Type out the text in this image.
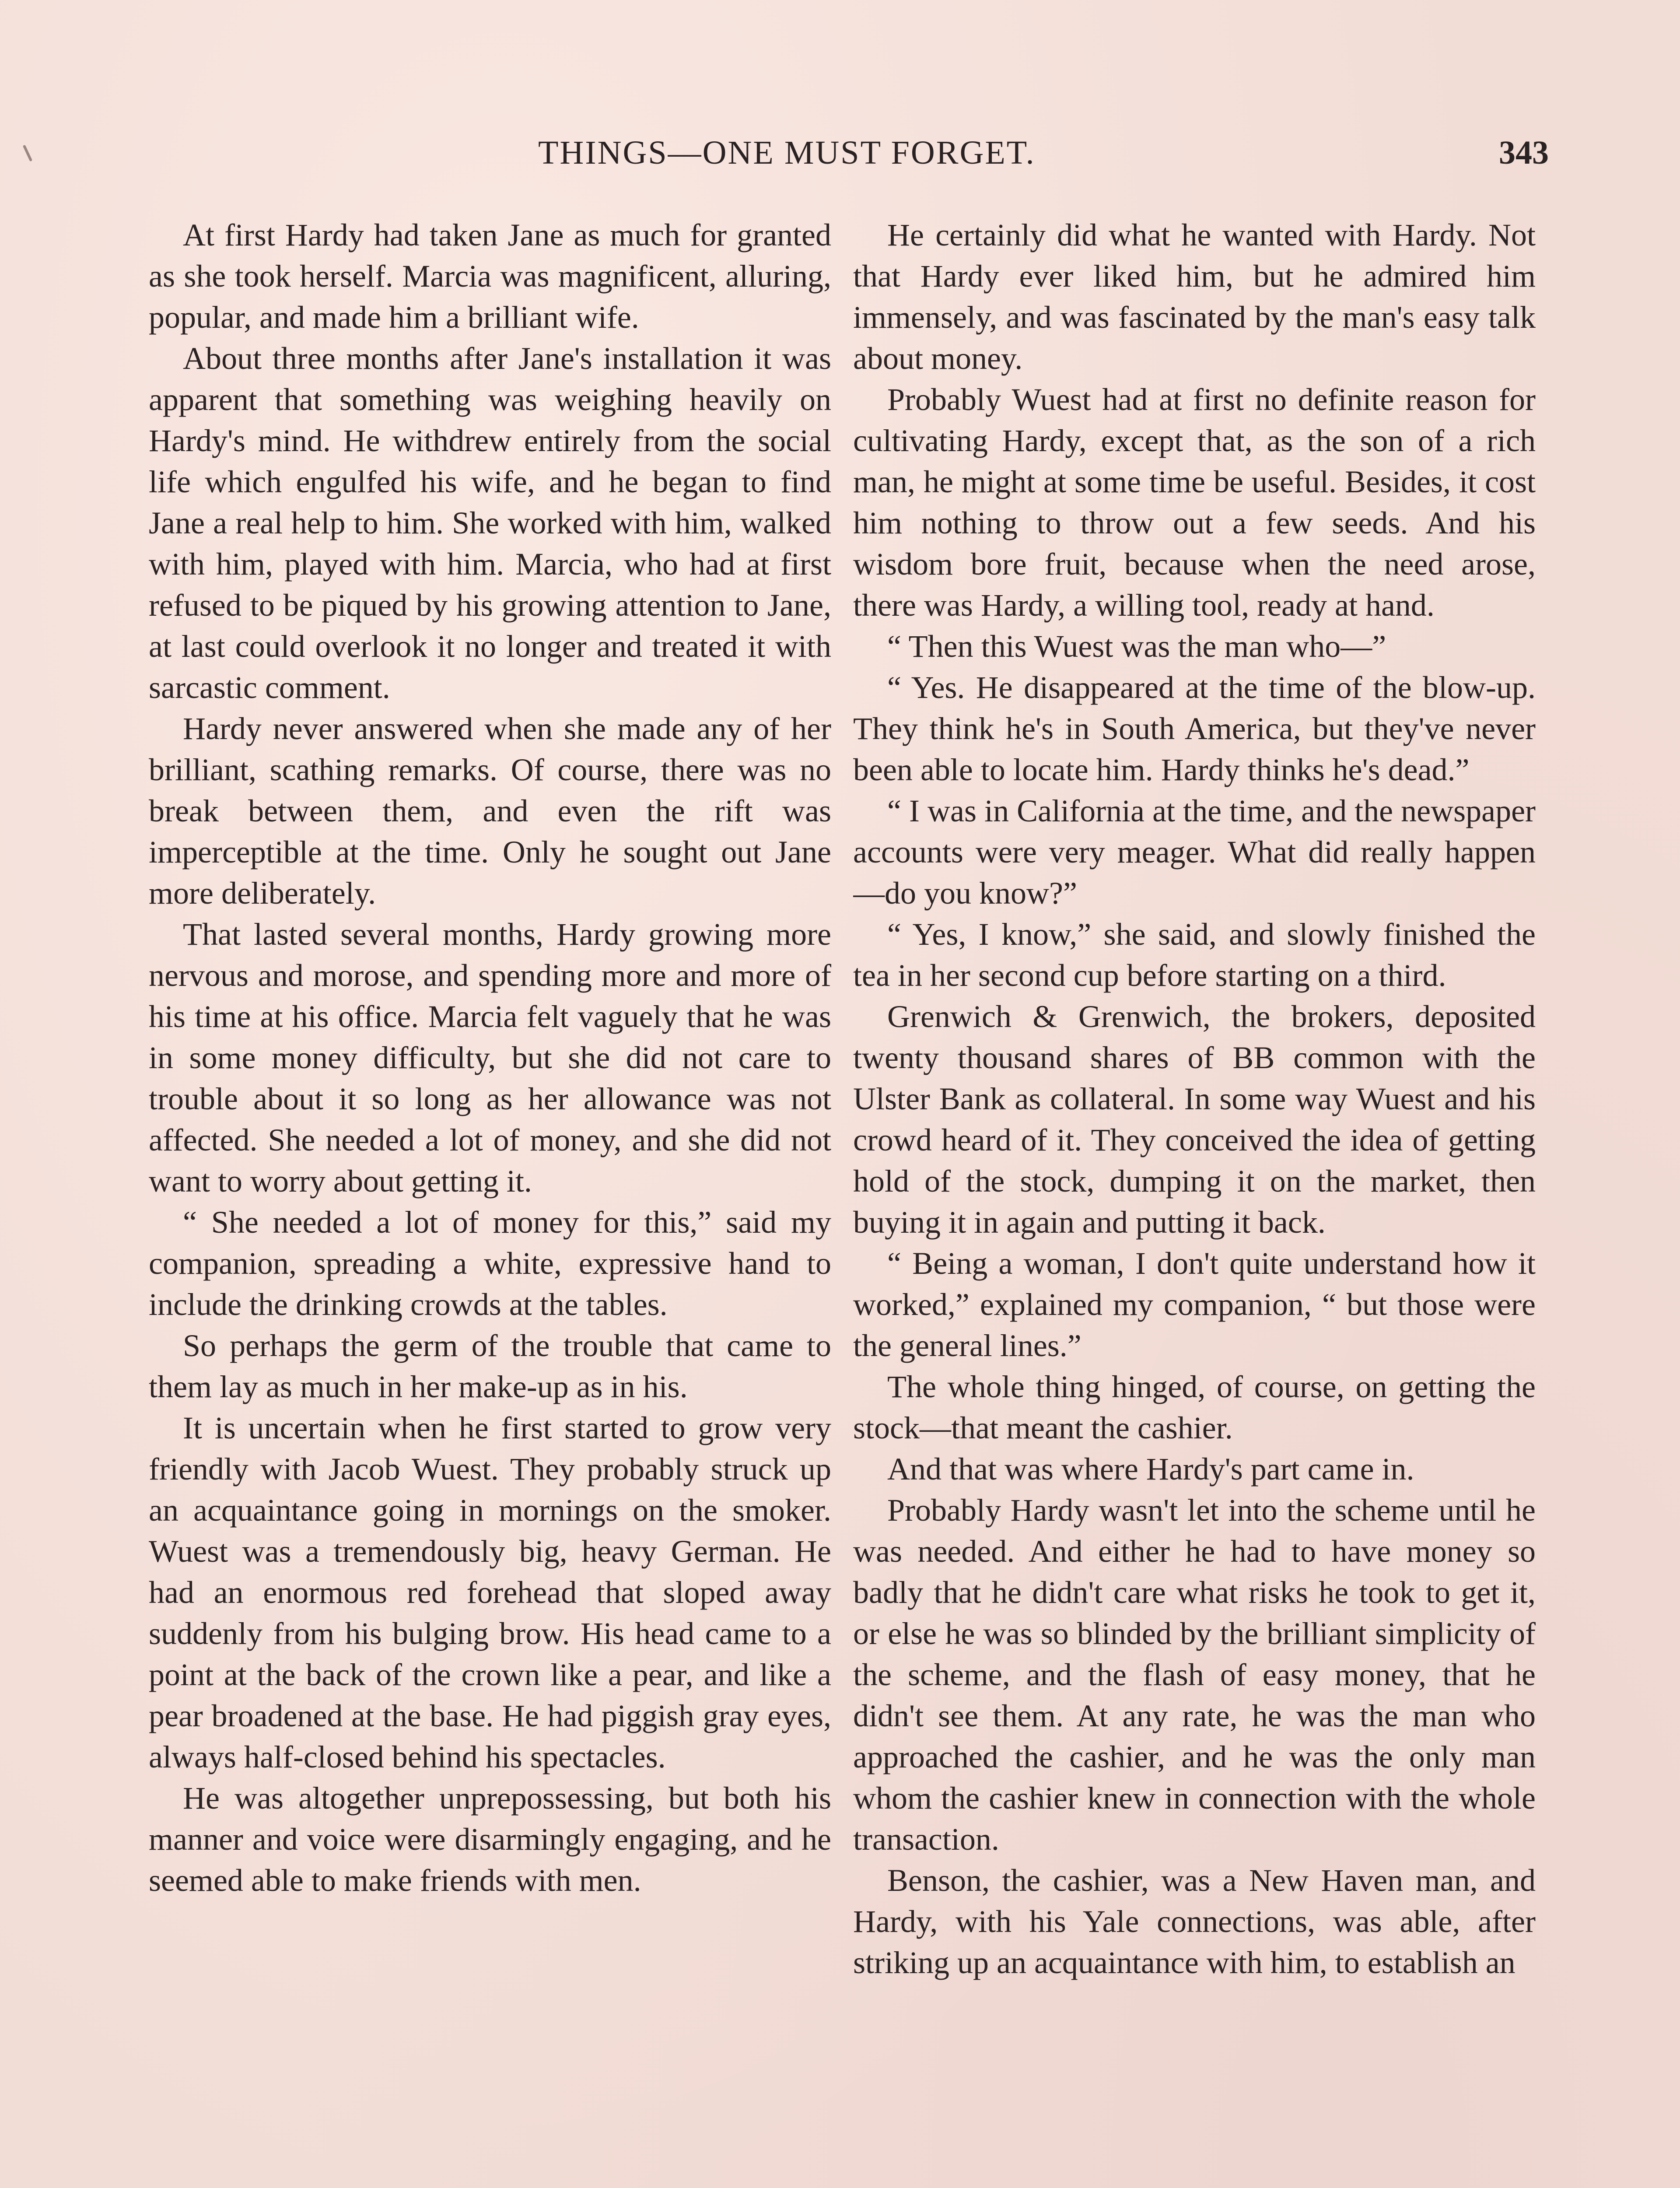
THINGS—ONE MUST FORGET.	343

At first Hardy had taken Jane as much for granted as she took herself. Marcia was magnificent, alluring, popular, and made him a brilliant wife.

About three months after Jane's installation it was apparent that something was weighing heavily on Hardy's mind. He withdrew entirely from the social life which engulfed his wife, and he began to find Jane a real help to him. She worked with him, walked with him, played with him. Marcia, who had at first refused to be piqued by his growing attention to Jane, at last could overlook it no longer and treated it with sarcastic comment.

Hardy never answered when she made any of her brilliant, scathing remarks. Of course, there was no break between them, and even the rift was imperceptible at the time. Only he sought out Jane more deliberately.

That lasted several months, Hardy growing more nervous and morose, and spending more and more of his time at his office. Marcia felt vaguely that he was in some money difficulty, but she did not care to trouble about it so long as her allowance was not affected. She needed a lot of money, and she did not want to worry about getting it.

“ She needed a lot of money for this,” said my companion, spreading a white, expressive hand to include the drinking crowds at the tables.

So perhaps the germ of the trouble that came to them lay as much in her make-up as in his.

It is uncertain when he first started to grow very friendly with Jacob Wuest. They probably struck up an acquaintance going in mornings on the smoker. Wuest was a tremendously big, heavy German. He had an enormous red forehead that sloped away suddenly from his bulging brow. His head came to a point at the back of the crown like a pear, and like a pear broadened at the base. He had piggish gray eyes, always half-closed behind his spectacles.

He was altogether unprepossessing, but both his manner and voice were disarmingly engaging, and he seemed able to make friends with men.

He certainly did what he wanted with Hardy. Not that Hardy ever liked him, but he admired him immensely, and was fascinated by the man's easy talk about money.

Probably Wuest had at first no definite reason for cultivating Hardy, except that, as the son of a rich man, he might at some time be useful. Besides, it cost him nothing to throw out a few seeds. And his wisdom bore fruit, because when the need arose, there was Hardy, a willing tool, ready at hand.

“ Then this Wuest was the man who—”

“ Yes. He disappeared at the time of the blow-up. They think he's in South America, but they've never been able to locate him. Hardy thinks he's dead.”

“ I was in California at the time, and the newspaper accounts were very meager. What did really happen—do you know?”

“ Yes, I know,” she said, and slowly finished the tea in her second cup before starting on a third.

Grenwich & Grenwich, the brokers, deposited twenty thousand shares of BB common with the Ulster Bank as collateral. In some way Wuest and his crowd heard of it. They conceived the idea of getting hold of the stock, dumping it on the market, then buying it in again and putting it back.

“ Being a woman, I don't quite understand how it worked,” explained my companion, “ but those were the general lines.”

The whole thing hinged, of course, on getting the stock—that meant the cashier.

And that was where Hardy's part came in.

Probably Hardy wasn't let into the scheme until he was needed. And either he had to have money so badly that he didn't care what risks he took to get it, or else he was so blinded by the brilliant simplicity of the scheme, and the flash of easy money, that he didn't see them. At any rate, he was the man who approached the cashier, and he was the only man whom the cashier knew in connection with the whole transaction.

Benson, the cashier, was a New Haven man, and Hardy, with his Yale connections, was able, after striking up an acquaintance with him, to establish an
